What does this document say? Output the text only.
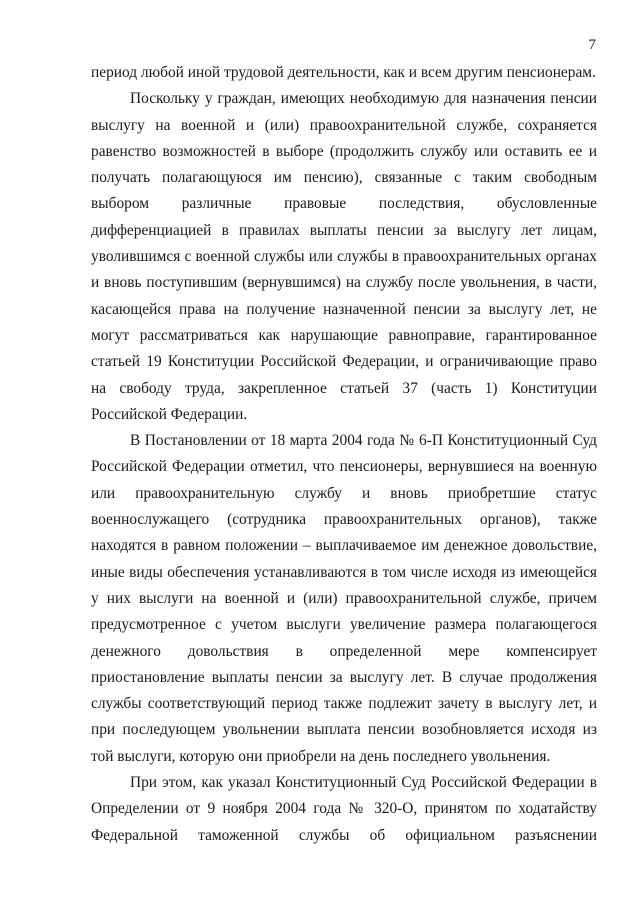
7

период любой иной трудовой деятельности, как и всем другим пенсионерам.

Поскольку у граждан, имеющих необходимую для назначения пенсии выслугу на военной и (или) правоохранительной службе, сохраняется равенство возможностей в выборе (продолжить службу или оставить ее и получать полагающуюся им пенсию), связанные с таким свободным выбором различные правовые последствия, обусловленные дифференциацией в правилах выплаты пенсии за выслугу лет лицам, уволившимся с военной службы или службы в правоохранительных органах и вновь поступившим (вернувшимся) на службу после увольнения, в части, касающейся права на получение назначенной пенсии за выслугу лет, не могут рассматриваться как нарушающие равноправие, гарантированное статьей 19 Конституции Российской Федерации, и ограничивающие право на свободу труда, закрепленное статьей 37 (часть 1) Конституции Российской Федерации.

В Постановлении от 18 марта 2004 года № 6-П Конституционный Суд Российской Федерации отметил, что пенсионеры, вернувшиеся на военную или правоохранительную службу и вновь приобретшие статус военнослужащего (сотрудника правоохранительных органов), также находятся в равном положении – выплачиваемое им денежное довольствие, иные виды обеспечения устанавливаются в том числе исходя из имеющейся у них выслуги на военной и (или) правоохранительной службе, причем предусмотренное с учетом выслуги увеличение размера полагающегося денежного довольствия в определенной мере компенсирует приостановление выплаты пенсии за выслугу лет. В случае продолжения службы соответствующий период также подлежит зачету в выслугу лет, и при последующем увольнении выплата пенсии возобновляется исходя из той выслуги, которую они приобрели на день последнего увольнения.

При этом, как указал Конституционный Суд Российской Федерации в Определении от 9 ноября 2004 года № 320-О, принятом по ходатайству Федеральной таможенной службы об официальном разъяснении
